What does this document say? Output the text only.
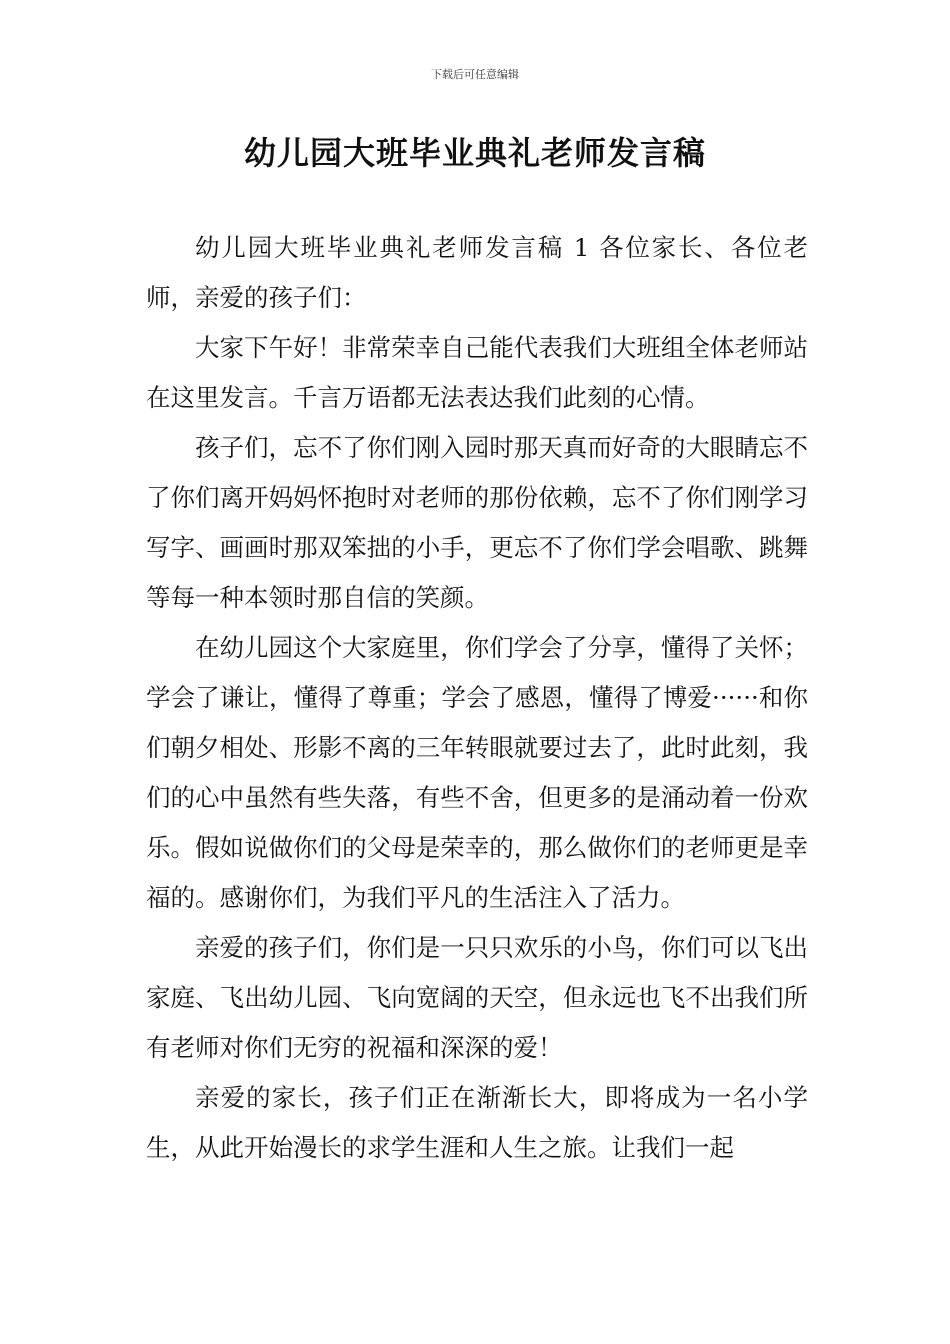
下载后可任意编辑
幼儿园大班毕业典礼老师发言稿

幼儿园大班毕业典礼老师发言稿 1 各位家长、各位老师，亲爱的孩子们：

大家下午好！非常荣幸自己能代表我们大班组全体老师站在这里发言。千言万语都无法表达我们此刻的心情。

孩子们，忘不了你们刚入园时那天真而好奇的大眼睛忘不了你们离开妈妈怀抱时对老师的那份依赖，忘不了你们刚学习写字、画画时那双笨拙的小手，更忘不了你们学会唱歌、跳舞等每一种本领时那自信的笑颜。

在幼儿园这个大家庭里，你们学会了分享，懂得了关怀；学会了谦让，懂得了尊重；学会了感恩，懂得了博爱······和你们朝夕相处、形影不离的三年转眼就要过去了，此时此刻，我们的心中虽然有些失落，有些不舍，但更多的是涌动着一份欢乐。假如说做你们的父母是荣幸的，那么做你们的老师更是幸福的。感谢你们，为我们平凡的生活注入了活力。

亲爱的孩子们，你们是一只只欢乐的小鸟，你们可以飞出家庭、飞出幼儿园、飞向宽阔的天空，但永远也飞不出我们所有老师对你们无穷的祝福和深深的爱！

亲爱的家长，孩子们正在渐渐长大，即将成为一名小学生，从此开始漫长的求学生涯和人生之旅。让我们一起
